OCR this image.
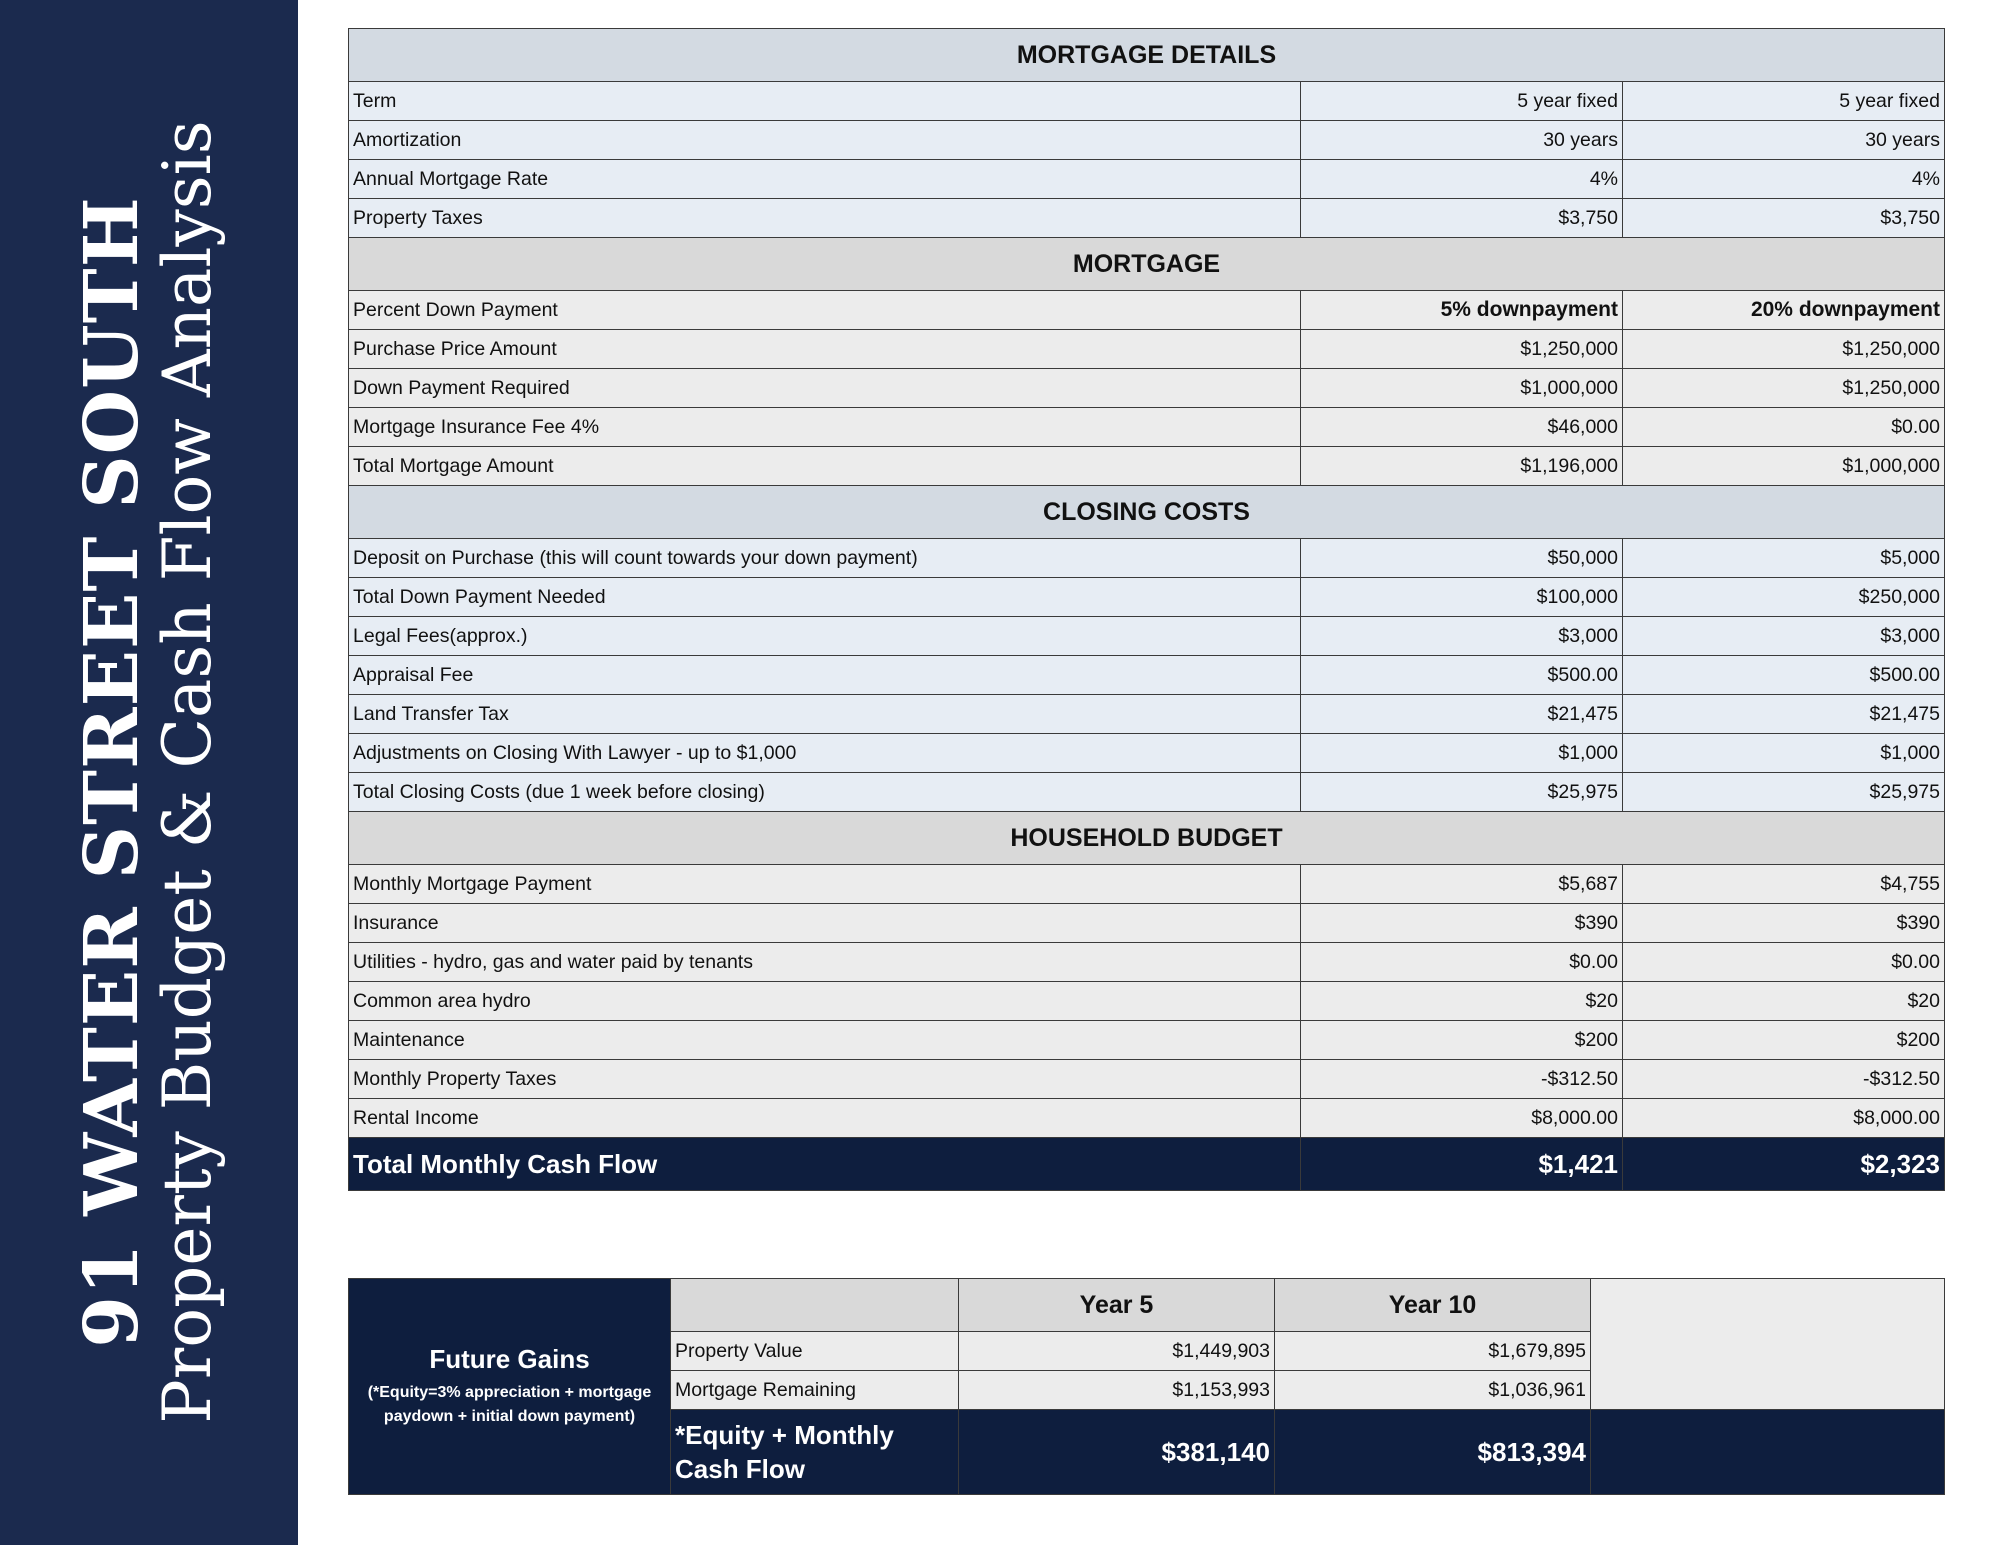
91 WATER STREET SOUTH
Property Budget & Cash Flow Analysis
MORTGAGE DETAILS		
Term	5 year fixed	5 year fixed
Amortization	30 years	30 years
Annual Mortgage Rate	4%	4%
Property Taxes	$3,750	$3,750
MORTGAGE		
Percent Down Payment	5% downpayment	20% downpayment
Purchase Price Amount	$1,250,000	$1,250,000
Down Payment Required	$1,000,000	$1,250,000
Mortgage Insurance Fee 4%	$46,000	$0.00
Total Mortgage Amount	$1,196,000	$1,000,000
CLOSING COSTS		
Deposit on Purchase (this will count towards your down payment)	$50,000	$5,000
Total Down Payment Needed	$100,000	$250,000
Legal Fees(approx.)	$3,000	$3,000
Appraisal Fee	$500.00	$500.00
Land Transfer Tax	$21,475	$21,475
Adjustments on Closing With Lawyer - up to $1,000	$1,000	$1,000
Total Closing Costs (due 1 week before closing)	$25,975	$25,975
HOUSEHOLD BUDGET		
Monthly Mortgage Payment	$5,687	$4,755
Insurance	$390	$390
Utilities - hydro, gas and water paid by tenants	$0.00	$0.00
Common area hydro	$20	$20
Maintenance	$200	$200
Monthly Property Taxes	-$312.50	-$312.50
Rental Income	$8,000.00	$8,000.00
Total Monthly Cash Flow	$1,421	$2,323
Future Gains
(*Equity=3% appreciation + mortgage paydown + initial down payment)		Year 5	Year 10	
	Property Value	$1,449,903	$1,679,895	
	Mortgage Remaining	$1,153,993	$1,036,961	
	*Equity + Monthly Cash Flow	$381,140	$813,394	
